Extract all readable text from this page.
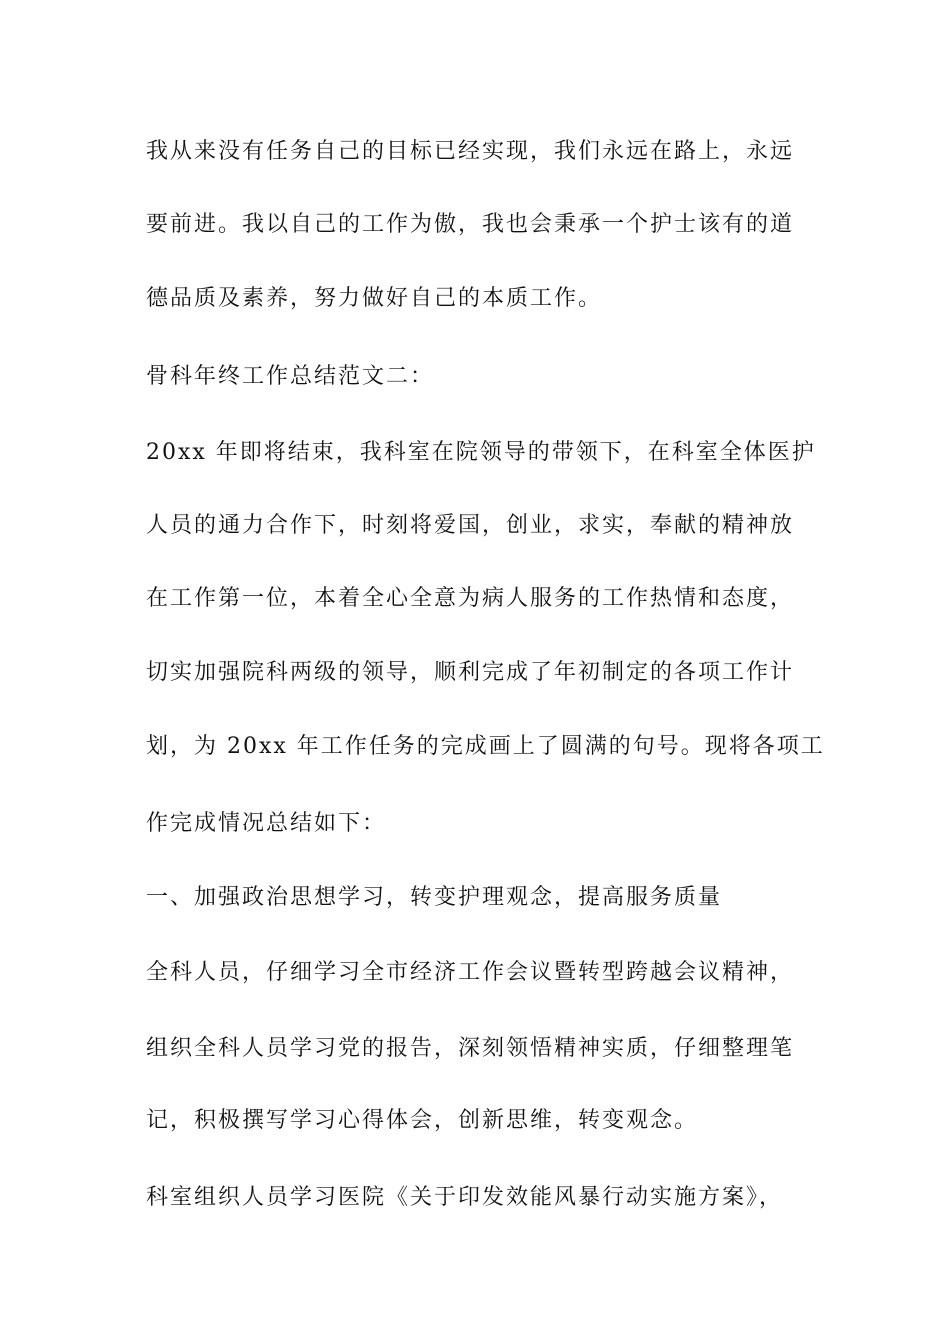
我从来没有任务自己的目标已经实现，我们永远在路上，永远
要前进。我以自己的工作为傲，我也会秉承一个护士该有的道
德品质及素养，努力做好自己的本质工作。
骨科年终工作总结范文二：
20xx 年即将结束，我科室在院领导的带领下，在科室全体医护
人员的通力合作下，时刻将爱国，创业，求实，奉献的精神放
在工作第一位，本着全心全意为病人服务的工作热情和态度，
切实加强院科两级的领导，顺利完成了年初制定的各项工作计
划，为 20xx 年工作任务的完成画上了圆满的句号。现将各项工
作完成情况总结如下：
一、加强政治思想学习，转变护理观念，提高服务质量
全科人员，仔细学习全市经济工作会议暨转型跨越会议精神，
组织全科人员学习党的报告，深刻领悟精神实质，仔细整理笔
记，积极撰写学习心得体会，创新思维，转变观念。
科室组织人员学习医院《关于印发效能风暴行动实施方案》，
